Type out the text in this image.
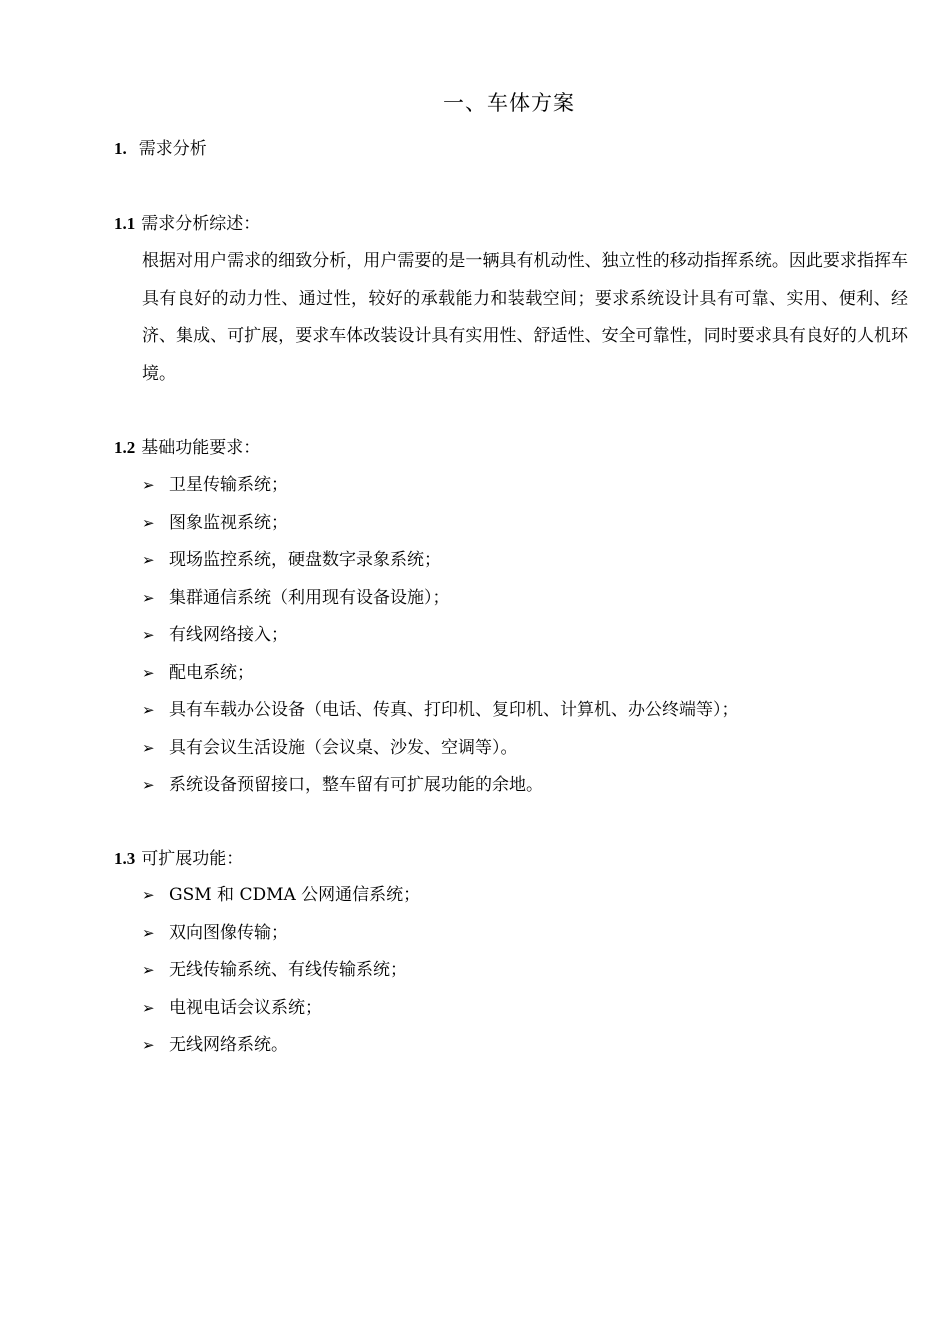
一、车体方案
1. 需求分析
1.1 需求分析综述：
根据对用户需求的细致分析，用户需要的是一辆具有机动性、独立性的移动指挥系统。因此要求指挥车具有良好的动力性、通过性，较好的承载能力和装载空间；要求系统设计具有可靠、实用、便利、经济、集成、可扩展，要求车体改装设计具有实用性、舒适性、安全可靠性，同时要求具有良好的人机环境。
1.2 基础功能要求：
➢ 卫星传输系统；
➢ 图象监视系统；
➢ 现场监控系统，硬盘数字录象系统；
➢ 集群通信系统（利用现有设备设施）；
➢ 有线网络接入；
➢ 配电系统；
➢ 具有车载办公设备（电话、传真、打印机、复印机、计算机、办公终端等）；
➢ 具有会议生活设施（会议桌、沙发、空调等）。
➢ 系统设备预留接口，整车留有可扩展功能的余地。
1.3 可扩展功能：
➢ GSM 和 CDMA 公网通信系统；
➢ 双向图像传输；
➢ 无线传输系统、有线传输系统；
➢ 电视电话会议系统；
➢ 无线网络系统。
